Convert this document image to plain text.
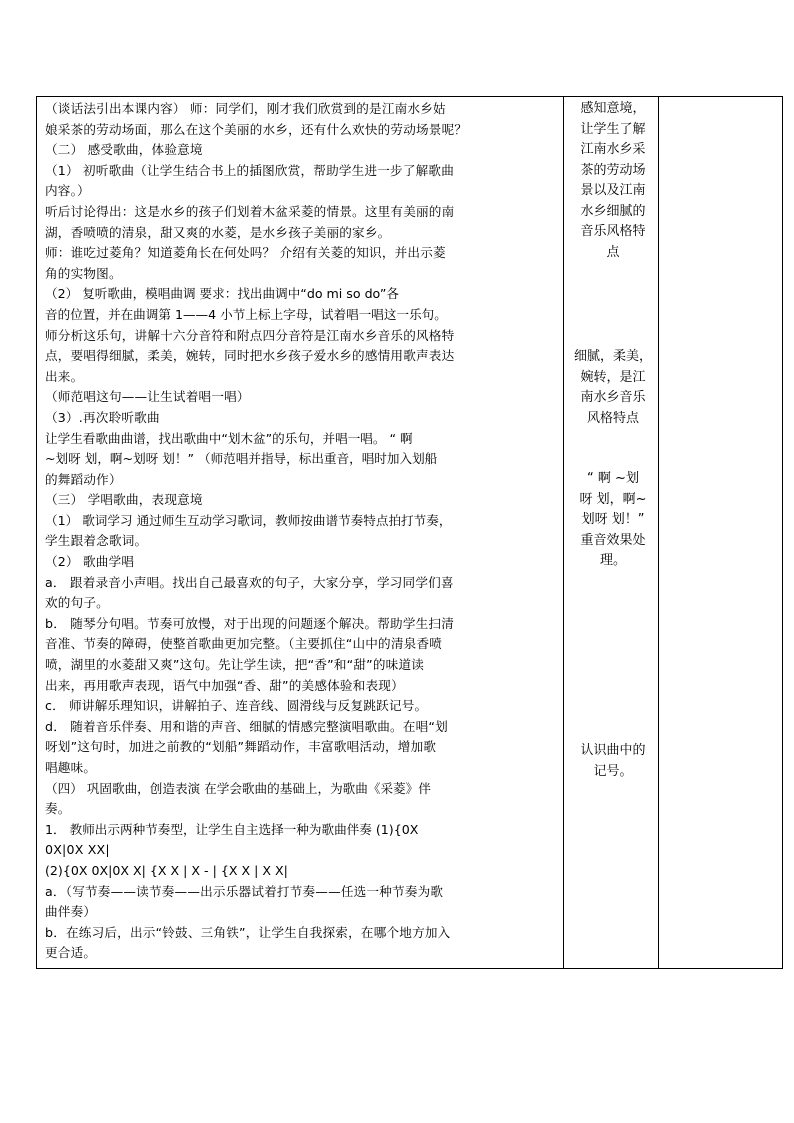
（谈话法引出本课内容） 师：同学们，刚才我们欣赏到的是江南水乡姑
娘采茶的劳动场面，那么在这个美丽的水乡，还有什么欢快的劳动场景呢？
（二） 感受歌曲，体验意境
（1） 初听歌曲（让学生结合书上的插图欣赏，帮助学生进一步了解歌曲
内容。）
听后讨论得出：这是水乡的孩子们划着木盆采菱的情景。这里有美丽的南
湖，香喷喷的清泉，甜又爽的水菱，是水乡孩子美丽的家乡。
师：谁吃过菱角？知道菱角长在何处吗？ 介绍有关菱的知识，并出示菱
角的实物图。
（2） 复听歌曲，模唱曲调 要求：找出曲调中“do mi so do”各
音的位置，并在曲调第 1——4 小节上标上字母，试着唱一唱这一乐句。
师分析这乐句，讲解十六分音符和附点四分音符是江南水乡音乐的风格特
点，要唱得细腻，柔美，婉转，同时把水乡孩子爱水乡的感情用歌声表达
出来。
（师范唱这句——让生试着唱一唱）
（3）.再次聆听歌曲
让学生看歌曲曲谱，找出歌曲中“划木盆”的乐句，并唱一唱。 “ 啊
~划呀 划，啊~划呀 划！” （师范唱并指导，标出重音，唱时加入划船
的舞蹈动作）
（三） 学唱歌曲，表现意境
（1） 歌词学习 通过师生互动学习歌词，教师按曲谱节奏特点拍打节奏，
学生跟着念歌词。
（2） 歌曲学唱
a． 跟着录音小声唱。找出自己最喜欢的句子，大家分享，学习同学们喜
欢的句子。
b． 随琴分句唱。节奏可放慢，对于出现的问题逐个解决。帮助学生扫清
音准、节奏的障碍，使整首歌曲更加完整。（主要抓住“山中的清泉香喷
喷，湖里的水菱甜又爽”这句。先让学生读，把“香”和“甜”的味道读
出来，再用歌声表现，语气中加强“香、甜”的美感体验和表现）
c． 师讲解乐理知识，讲解拍子、连音线、圆滑线与反复跳跃记号。
d． 随着音乐伴奏、用和谐的声音、细腻的情感完整演唱歌曲。在唱“划
呀划”这句时，加进之前教的“划船”舞蹈动作，丰富歌唱活动，增加歌
唱趣味。
（四） 巩固歌曲，创造表演 在学会歌曲的基础上，为歌曲《采菱》伴
奏。
1． 教师出示两种节奏型，让学生自主选择一种为歌曲伴奏 (1){0X
0X|0X XX|
(2){0X 0X|0X X| {X X | X - | {X X | X X|
a．（写节奏——读节奏——出示乐器试着打节奏——任选一种节奏为歌
曲伴奏）
b．在练习后，出示“铃鼓、三角铁”，让学生自我探索，在哪个地方加入
更合适。
感知意境，
让学生了解
江南水乡采
茶的劳动场
景以及江南
水乡细腻的
音乐风格特
点
细腻，柔美，
婉转，是江
南水乡音乐
风格特点
“ 啊 ~划
呀 划，啊~
划呀 划！”
重音效果处
理。
认识曲中的
记号。
